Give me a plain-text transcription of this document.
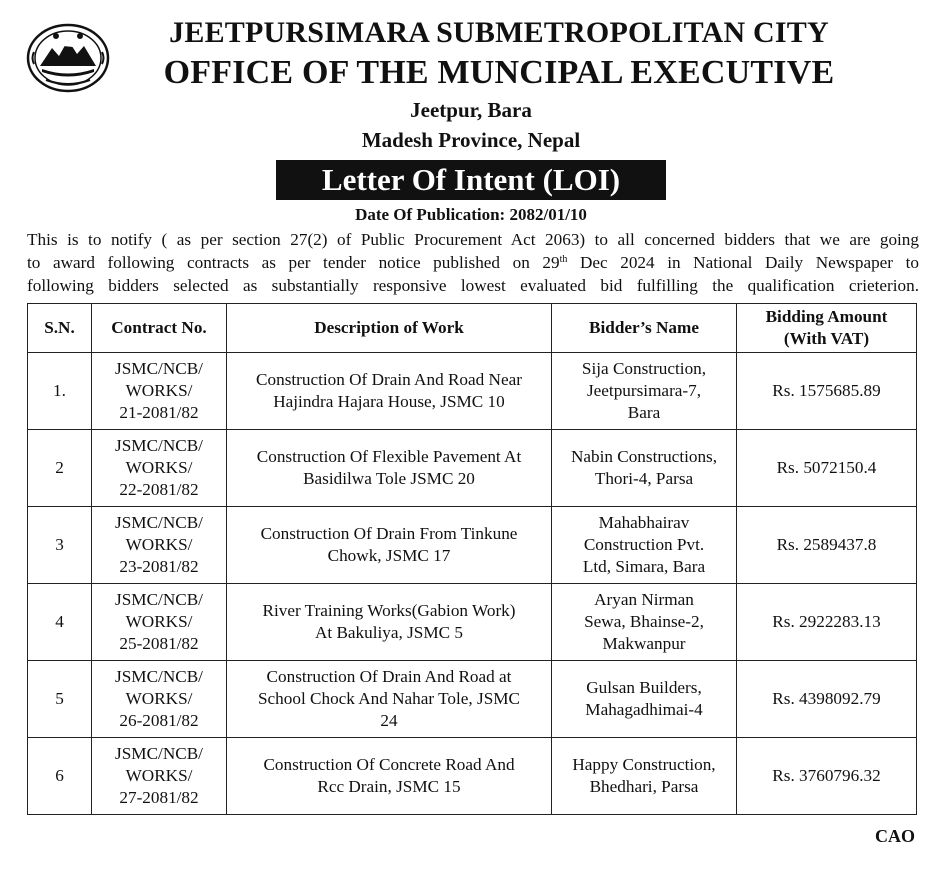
JEETPURSIMARA SUBMETROPOLITAN CITY
OFFICE OF THE MUNCIPAL EXECUTIVE
Jeetpur, Bara
Madesh Province, Nepal
Letter Of Intent (LOI)
Date Of Publication: 2082/01/10
This is to notify ( as per section 27(2) of Public Procurement Act 2063) to all concerned bidders that we are going
to award following contracts as per tender notice published on 29th Dec 2024 in National Daily Newspaper to
following bidders selected as substantially responsive lowest evaluated bid fulfilling the qualification crieterion.
S.N.	Contract No.	Description of Work	Bidder’s Name	Bidding Amount
(With VAT)
1.	JSMC/NCB/
WORKS/
21-2081/82	Construction Of Drain And Road Near
Hajindra Hajara House, JSMC 10	Sija Construction,
Jeetpursimara-7,
Bara	Rs. 1575685.89
2	JSMC/NCB/
WORKS/
22-2081/82	Construction Of Flexible Pavement At
Basidilwa Tole JSMC 20	Nabin Constructions,
Thori-4, Parsa	Rs. 5072150.4
3	JSMC/NCB/
WORKS/
23-2081/82	Construction Of Drain From Tinkune
Chowk, JSMC 17	Mahabhairav
Construction Pvt.
Ltd, Simara, Bara	Rs. 2589437.8
4	JSMC/NCB/
WORKS/
25-2081/82	River Training Works(Gabion Work)
At Bakuliya, JSMC 5	Aryan Nirman
Sewa, Bhainse-2,
Makwanpur	Rs. 2922283.13
5	JSMC/NCB/
WORKS/
26-2081/82	Construction Of Drain And Road at
School Chock And Nahar Tole, JSMC
24	Gulsan Builders,
Mahagadhimai-4	Rs. 4398092.79
6	JSMC/NCB/
WORKS/
27-2081/82	Construction Of Concrete Road And
Rcc Drain, JSMC 15	Happy Construction,
Bhedhari, Parsa	Rs. 3760796.32
CAO
